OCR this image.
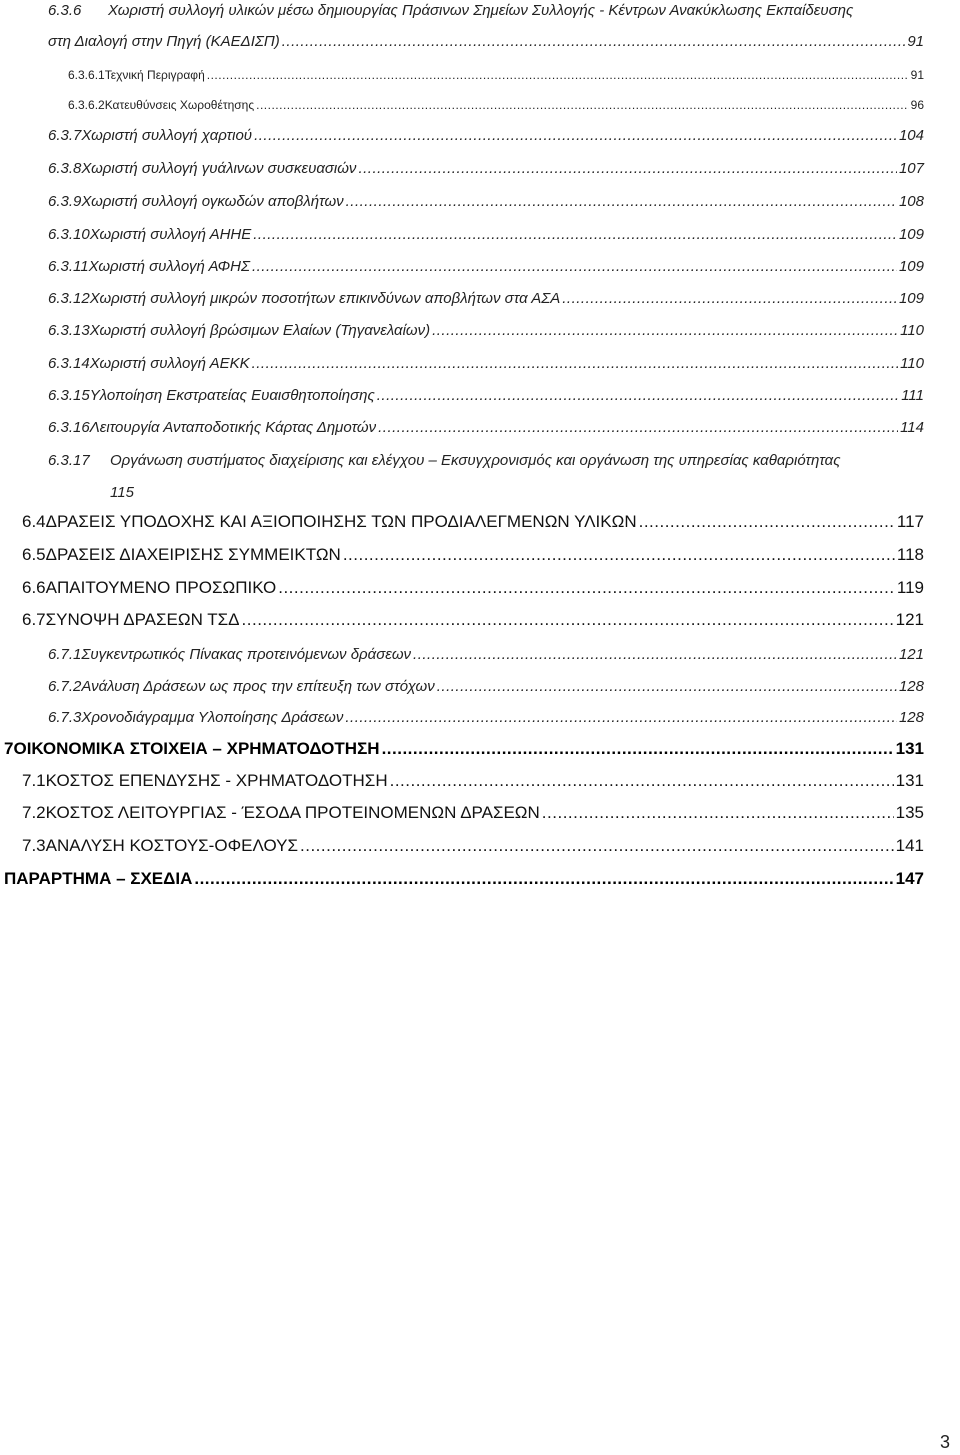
6.3.6	Χωριστή συλλογή υλικών μέσω δημιουργίας Πράσινων Σημείων Συλλογής - Κέντρων Ανακύκλωσης Εκπαίδευσης
στη Διαλογή στην Πηγή (ΚΑΕΔΙΣΠ) .....	91
6.3.6.1 Τεχνική Περιγραφή .....	91
6.3.6.2 Κατευθύνσεις Χωροθέτησης .....	96
6.3.7 Χωριστή συλλογή χαρτιού .....	104
6.3.8 Χωριστή συλλογή γυάλινων συσκευασιών .....	107
6.3.9 Χωριστή συλλογή ογκωδών αποβλήτων .....	108
6.3.10 Χωριστή συλλογή ΑΗΗΕ .....	109
6.3.11 Χωριστή συλλογή ΑΦΗΣ .....	109
6.3.12 Χωριστή συλλογή μικρών ποσοτήτων επικινδύνων αποβλήτων στα ΑΣΑ .....	109
6.3.13 Χωριστή συλλογή βρώσιμων Ελαίων (Τηγανελαίων) .....	110
6.3.14 Χωριστή συλλογή ΑΕΚΚ .....	110
6.3.15 Υλοποίηση Εκστρατείας Ευαισθητοποίησης .....	111
6.3.16 Λειτουργία Ανταποδοτικής Κάρτας Δημοτών .....	114
6.3.17	Οργάνωση συστήματος διαχείρισης και ελέγχου – Εκσυγχρονισμός και οργάνωση της υπηρεσίας καθαριότητας
115
6.4 ΔΡΑΣΕΙΣ ΥΠΟΔΟΧΗΣ ΚΑΙ ΑΞΙΟΠΟΙΗΣΗΣ ΤΩΝ ΠΡΟΔΙΑΛΕΓΜΕΝΩΝ ΥΛΙΚΩΝ .....	117
6.5 ΔΡΑΣΕΙΣ ΔΙΑΧΕΙΡΙΣΗΣ ΣΥΜΜΕΙΚΤΩΝ .....	118
6.6 ΑΠΑΙΤΟΥΜΕΝΟ ΠΡΟΣΩΠΙΚΟ .....	119
6.7 ΣΥΝΟΨΗ ΔΡΑΣΕΩΝ ΤΣΔ .....	121
6.7.1 Συγκεντρωτικός Πίνακας προτεινόμενων δράσεων .....	121
6.7.2 Ανάλυση Δράσεων ως προς την επίτευξη των στόχων .....	128
6.7.3 Χρονοδιάγραμμα Υλοποίησης Δράσεων .....	128
7 ΟΙΚΟΝΟΜΙΚΑ ΣΤΟΙΧΕΙΑ – ΧΡΗΜΑΤΟΔΟΤΗΣΗ .....	131
7.1 ΚΟΣΤΟΣ ΕΠΕΝΔΥΣΗΣ - ΧΡΗΜΑΤΟΔΟΤΗΣΗ .....	131
7.2 ΚΟΣΤΟΣ ΛΕΙΤΟΥΡΓΙΑΣ - ΈΣΟΔΑ ΠΡΟΤΕΙΝΟΜΕΝΩΝ ΔΡΑΣΕΩΝ .....	135
7.3 ΑΝΑΛΥΣΗ ΚΟΣΤΟΥΣ-ΟΦΕΛΟΥΣ .....	141
ΠΑΡΑΡΤΗΜΑ – ΣΧΕΔΙΑ .....	147
3
